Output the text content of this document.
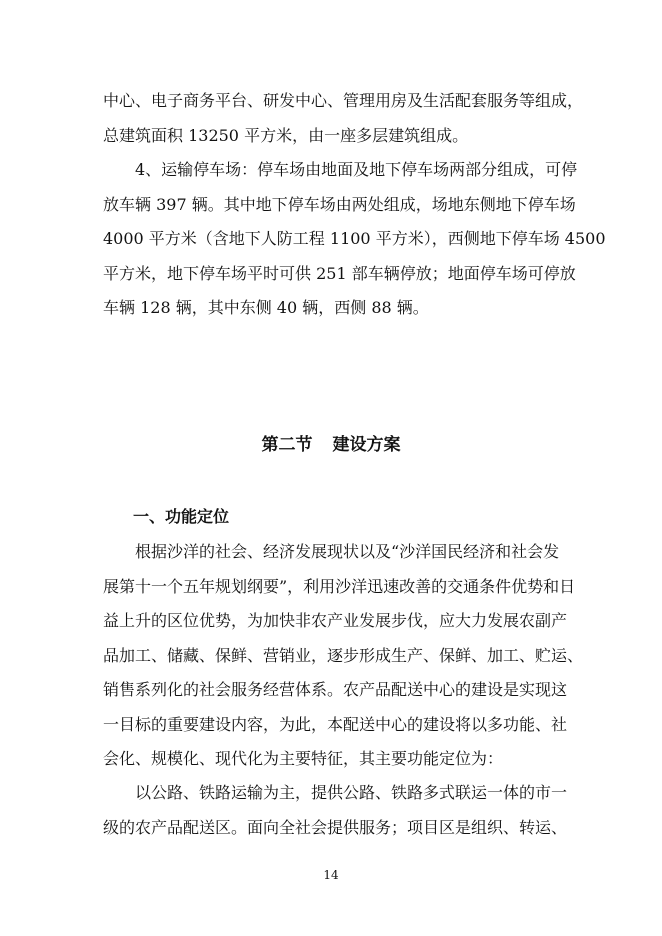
中心、电子商务平台、研发中心、管理用房及生活配套服务等组成，
总建筑面积 13250 平方米，由一座多层建筑组成。
4、运输停车场：停车场由地面及地下停车场两部分组成，可停
放车辆 397 辆。其中地下停车场由两处组成，场地东侧地下停车场
4000 平方米（含地下人防工程 1100 平方米），西侧地下停车场 4500
平方米，地下停车场平时可供 251 部车辆停放；地面停车场可停放
车辆 128 辆，其中东侧 40 辆，西侧 88 辆。
第二节 建设方案
一、功能定位
根据沙洋的社会、经济发展现状以及“沙洋国民经济和社会发
展第十一个五年规划纲要”，利用沙洋迅速改善的交通条件优势和日
益上升的区位优势，为加快非农产业发展步伐，应大力发展农副产
品加工、储藏、保鲜、营销业，逐步形成生产、保鲜、加工、贮运、
销售系列化的社会服务经营体系。农产品配送中心的建设是实现这
一目标的重要建设内容，为此，本配送中心的建设将以多功能、社
会化、规模化、现代化为主要特征，其主要功能定位为：
以公路、铁路运输为主，提供公路、铁路多式联运一体的市一
级的农产品配送区。面向全社会提供服务；项目区是组织、转运、
14
